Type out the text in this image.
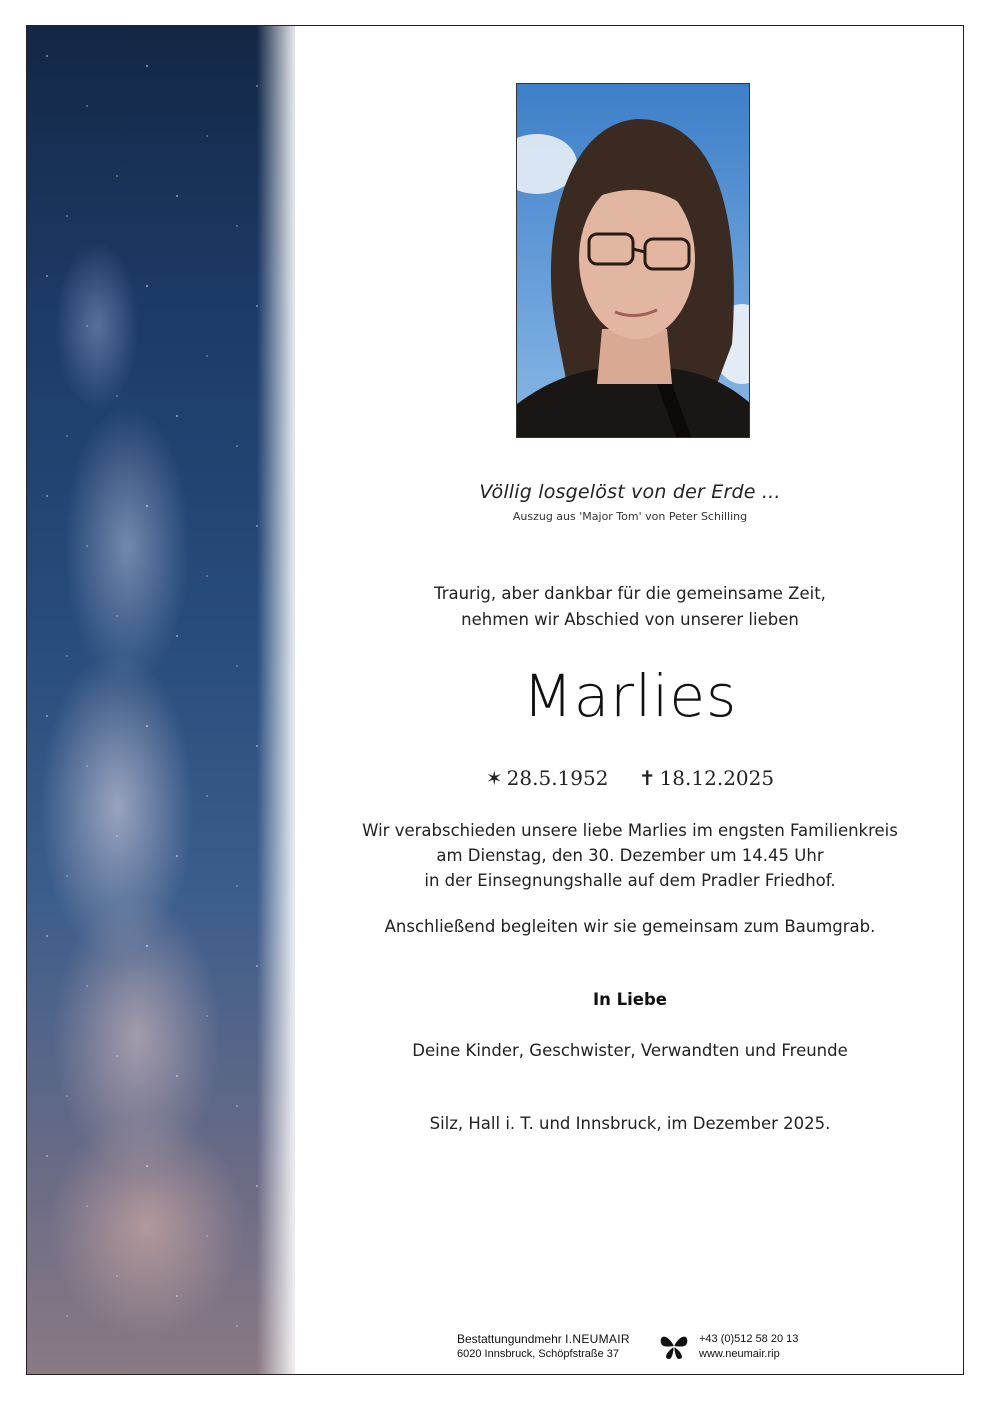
Völlig losgelöst von der Erde ...
Auszug aus 'Major Tom' von Peter Schilling
Traurig, aber dankbar für die gemeinsame Zeit,
nehmen wir Abschied von unserer lieben
Marlies
✶ 28.5.1952 ✝ 18.12.2025
Wir verabschieden unsere liebe Marlies im engsten Familienkreis
am Dienstag, den 30. Dezember um 14.45 Uhr
in der Einsegnungshalle auf dem Pradler Friedhof.
Anschließend begleiten wir sie gemeinsam zum Baumgrab.
In Liebe
Deine Kinder, Geschwister, Verwandten und Freunde
Silz, Hall i. T. und Innsbruck, im Dezember 2025.
Bestattungundmehr I.NEUMAIR
6020 Innsbruck, Schöpfstraße 37
+43 (0)512 58 20 13
www.neumair.rip
